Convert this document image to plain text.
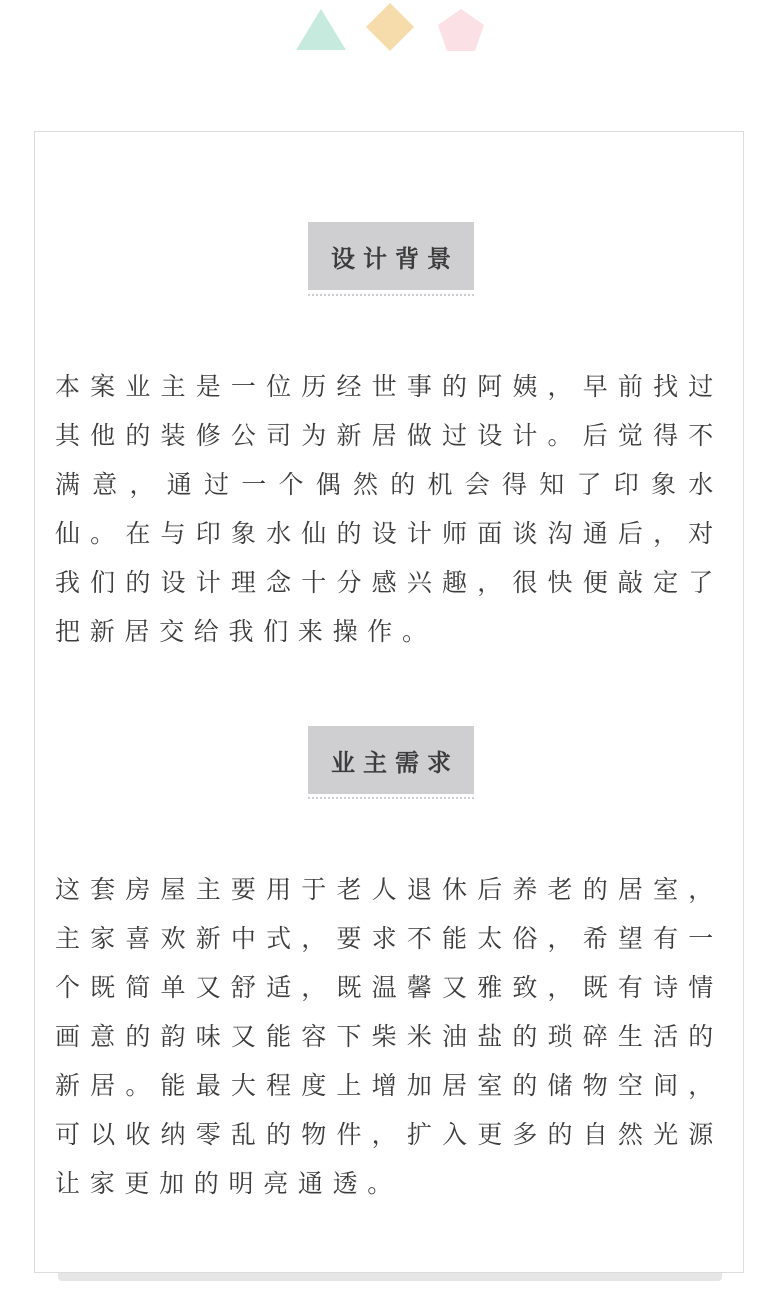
设计背景

本案业主是一位历经世事的阿姨，早前找过其他的装修公司为新居做过设计。后觉得不满意，通过一个偶然的机会得知了印象水仙。在与印象水仙的设计师面谈沟通后，对我们的设计理念十分感兴趣，很快便敲定了把新居交给我们来操作。

业主需求

这套房屋主要用于老人退休后养老的居室，主家喜欢新中式，要求不能太俗，希望有一个既简单又舒适，既温馨又雅致，既有诗情画意的韵味又能容下柴米油盐的琐碎生活的新居。能最大程度上增加居室的储物空间，可以收纳零乱的物件，扩入更多的自然光源让家更加的明亮通透。
